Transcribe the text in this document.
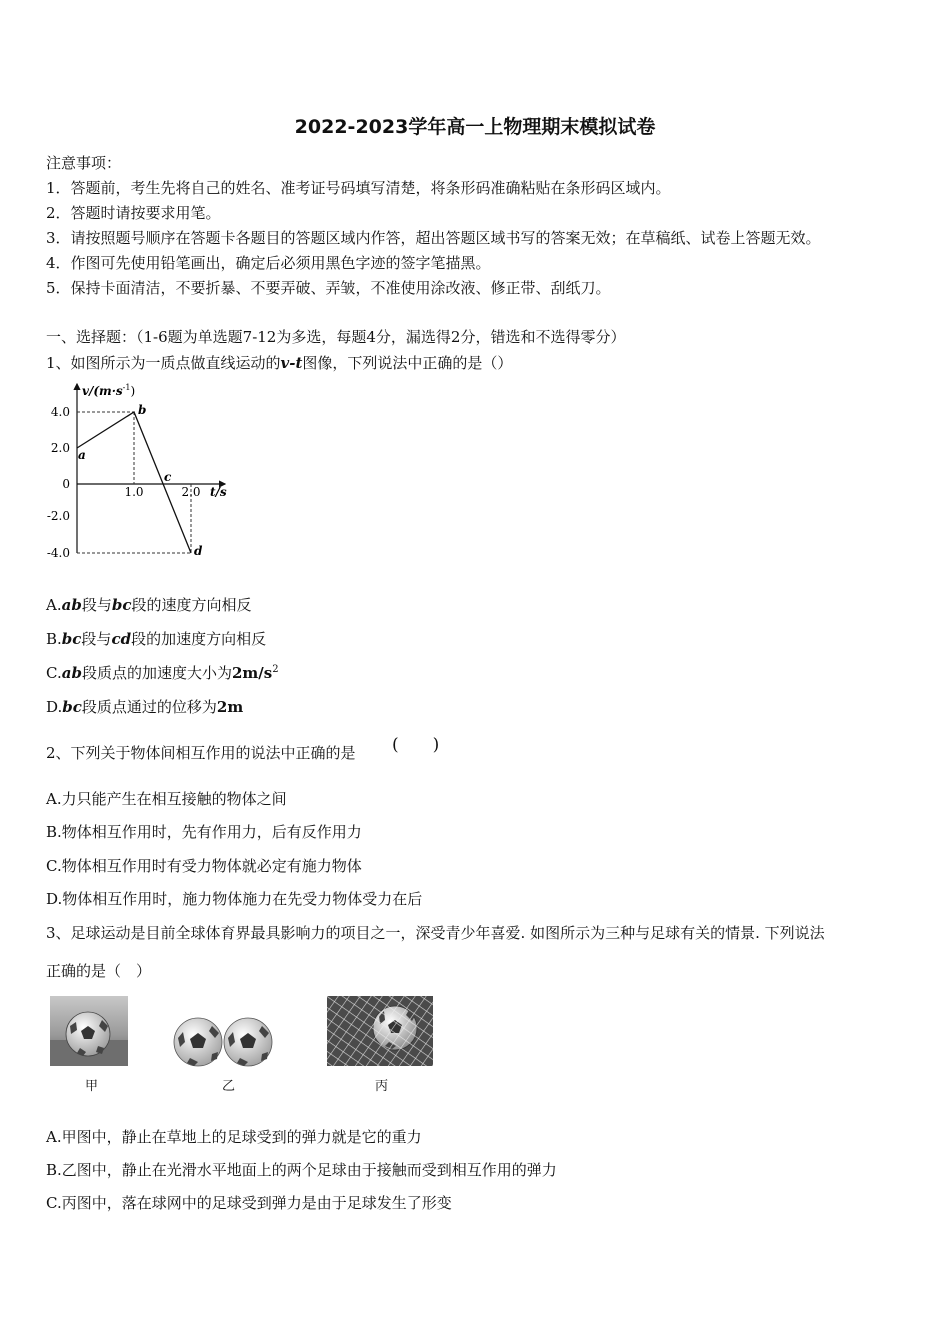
2022-2023学年高一上物理期末模拟试卷
注意事项：
1．答题前，考生先将自己的姓名、准考证号码填写清楚，将条形码准确粘贴在条形码区域内。
2．答题时请按要求用笔。
3．请按照题号顺序在答题卡各题目的答题区域内作答，超出答题区域书写的答案无效；在草稿纸、试卷上答题无效。
4．作图可先使用铅笔画出，确定后必须用黑色字迹的签字笔描黑。
5．保持卡面清洁，不要折暴、不要弄破、弄皱，不准使用涂改液、修正带、刮纸刀。
一、选择题：（1-6题为单选题7-12为多选，每题4分，漏选得2分，错选和不选得零分）
1、如图所示为一质点做直线运动的v-t图像，下列说法中正确的是（）
$v/(m\cdot s^{-1})$
4.0
2.0
0
-2.0
-4.0
1.0	2.0 t/s
a
b
c
d
A.ab段与bc段的速度方向相反
B.bc段与cd段的加速度方向相反
C.ab段质点的加速度大小为$2m/s^2$
D.bc段质点通过的位移为2m
2、下列关于物体间相互作用的说法中正确的是 (　　)
A.力只能产生在相互接触的物体之间
B.物体相互作用时，先有作用力，后有反作用力
C.物体相互作用时有受力物体就必定有施力物体
D.物体相互作用时，施力物体施力在先受力物体受力在后
3、足球运动是目前全球体育界最具影响力的项目之一，深受青少年喜爱. 如图所示为三种与足球有关的情景. 下列说法
正确的是（　）
甲	乙	丙
A.甲图中，静止在草地上的足球受到的弹力就是它的重力
B.乙图中，静止在光滑水平地面上的两个足球由于接触而受到相互作用的弹力
C.丙图中，落在球网中的足球受到弹力是由于足球发生了形变
